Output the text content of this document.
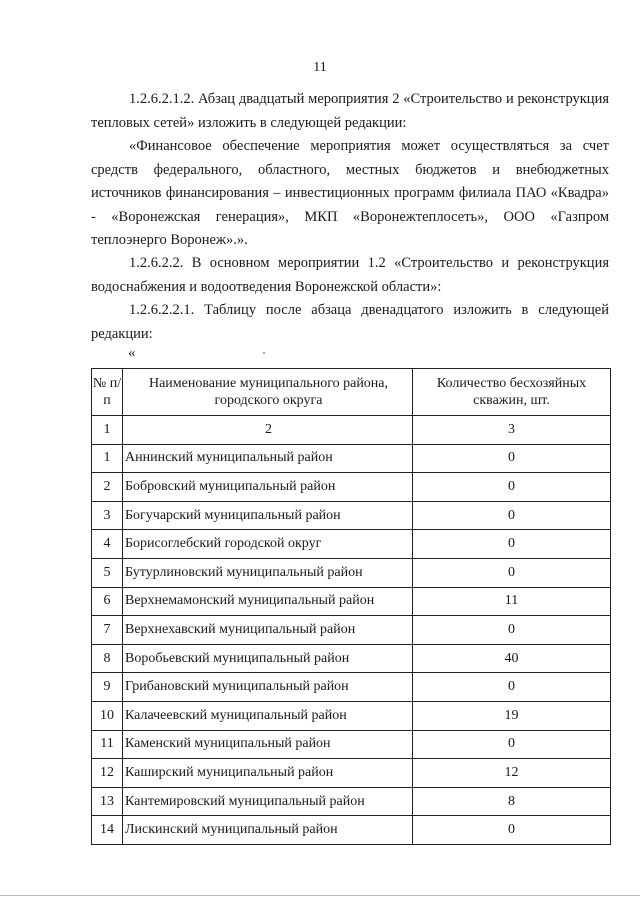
11
1.2.6.2.1.2. Абзац двадцатый мероприятия 2 «Строительство и реконструкция тепловых сетей» изложить в следующей редакции:
«Финансовое обеспечение мероприятия может осуществляться за счет средств федерального, областного, местных бюджетов и внебюджетных источников финансирования – инвестиционных программ филиала ПАО «Квадра» - «Воронежская генерация», МКП «Воронежтеплосеть», ООО «Газпром теплоэнерго Воронеж».».
1.2.6.2.2. В основном мероприятии 1.2 «Строительство и реконструкция водоснабжения и водоотведения Воронежской области»:
1.2.6.2.2.1. Таблицу после абзаца двенадцатого изложить в следующей редакции:
«
№ п/п	Наименование муниципального района, городского округа	Количество бесхозяйных скважин, шт.
1	2	3
1	Аннинский муниципальный район	0
2	Бобровский муниципальный район	0
3	Богучарский муниципальный район	0
4	Борисоглебский городской округ	0
5	Бутурлиновский муниципальный район	0
6	Верхнемамонский муниципальный район	11
7	Верхнехавский муниципальный район	0
8	Воробьевский муниципальный район	40
9	Грибановский муниципальный район	0
10	Калачеевский муниципальный район	19
11	Каменский муниципальный район	0
12	Каширский муниципальный район	12
13	Кантемировский муниципальный район	8
14	Лискинский муниципальный район	0
